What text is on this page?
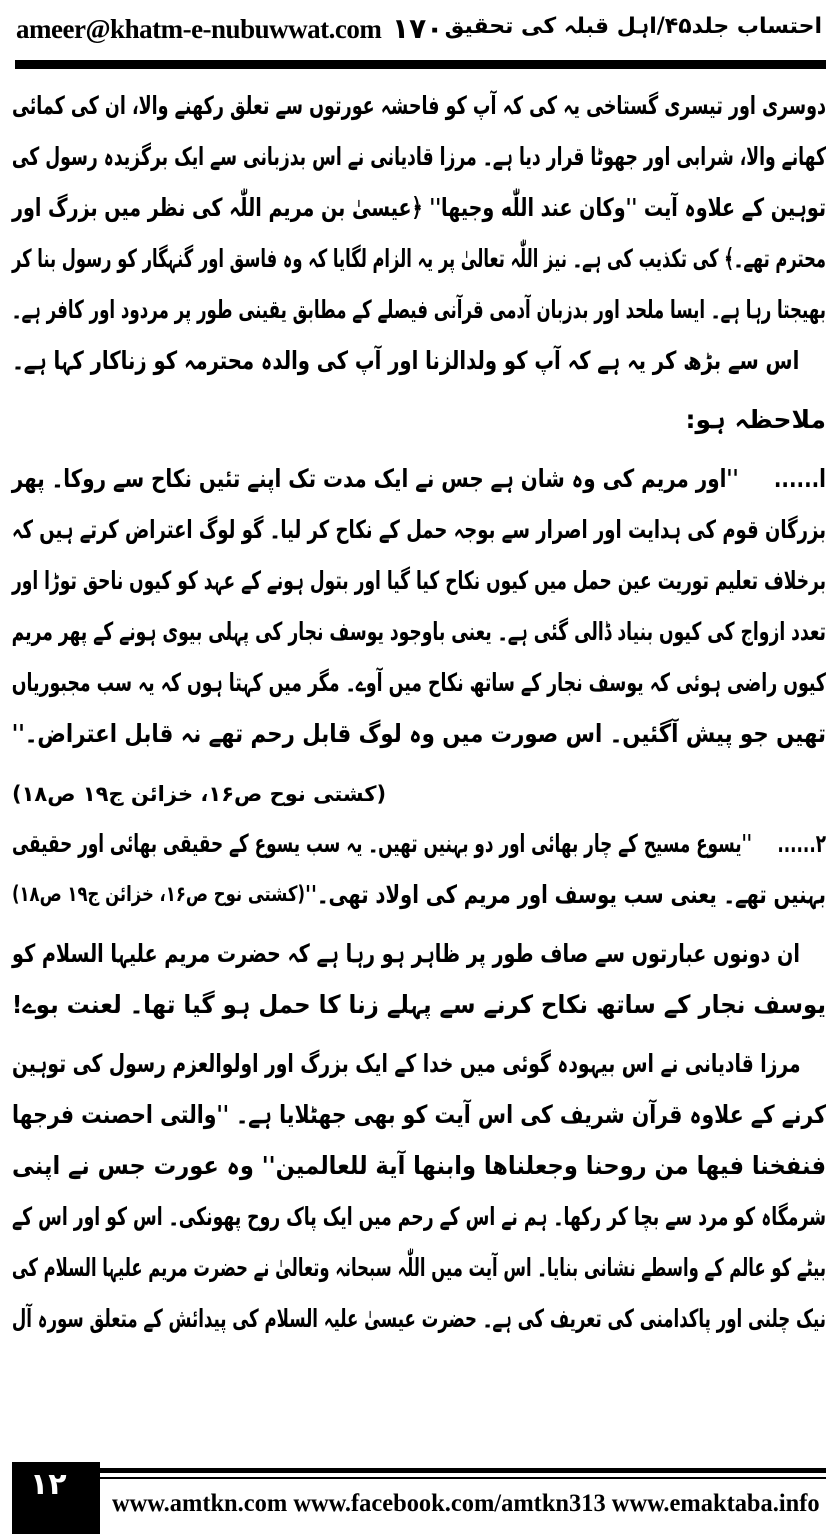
ameer@khatm-e-nubuwwat.com ۱۷۰ احتساب جلد۴۵/اہل قبلہ کی تحقیق
دوسری اور تیسری گستاخی یہ کی کہ آپ کو فاحشہ عورتوں سے تعلق رکھنے والا، ان کی کمائی
کھانے والا، شرابی اور جھوٹا قرار دیا ہے۔ مرزا قادیانی نے اس بدزبانی سے ایک برگزیدہ رسول کی
توہین کے علاوہ آیت ''وکان عند اللّٰه وجیھا'' ﴿عیسیٰ بن مریم اللّٰہ کی نظر میں بزرگ اور
محترم تھے۔﴾ کی تکذیب کی ہے۔ نیز اللّٰہ تعالیٰ پر یہ الزام لگایا کہ وہ فاسق اور گنہگار کو رسول بنا کر
بھیجتا رہا ہے۔ ایسا ملحد اور بدزبان آدمی قرآنی فیصلے کے مطابق یقینی طور پر مردود اور کافر ہے۔
اس سے بڑھ کر یہ ہے کہ آپ کو ولدالزنا اور آپ کی والدہ محترمہ کو زناکار کہا ہے۔
ملاحظہ ہو:
ا......
''اور مریم کی وہ شان ہے جس نے ایک مدت تک اپنے تئیں نکاح سے روکا۔ پھر
بزرگان قوم کی ہدایت اور اصرار سے بوجہ حمل کے نکاح کر لیا۔ گو لوگ اعتراض کرتے ہیں کہ
برخلاف تعلیم توریت عین حمل میں کیوں نکاح کیا گیا اور بتول ہونے کے عہد کو کیوں ناحق توڑا اور
تعدد ازواج کی کیوں بنیاد ڈالی گئی ہے۔ یعنی باوجود یوسف نجار کی پہلی بیوی ہونے کے پھر مریم
کیوں راضی ہوئی کہ یوسف نجار کے ساتھ نکاح میں آوے۔ مگر میں کہتا ہوں کہ یہ سب مجبوریاں
تھیں جو پیش آگئیں۔ اس صورت میں وہ لوگ قابل رحم تھے نہ قابل اعتراض۔''
(کشتی نوح ص۱۶، خزائن ج۱۹ ص۱۸)
۲......
''یسوع مسیح کے چار بھائی اور دو بہنیں تھیں۔ یہ سب یسوع کے حقیقی بھائی اور حقیقی
بہنیں تھے۔ یعنی سب یوسف اور مریم کی اولاد تھی۔''
(کشتی نوح ص۱۶، خزائن ج۱۹ ص۱۸)
ان دونوں عبارتوں سے صاف طور پر ظاہر ہو رہا ہے کہ حضرت مریم علیہا السلام کو
یوسف نجار کے ساتھ نکاح کرنے سے پہلے زنا کا حمل ہو گیا تھا۔ لعنت بوے!
مرزا قادیانی نے اس بیہودہ گوئی میں خدا کے ایک بزرگ اور اولوالعزم رسول کی توہین
کرنے کے علاوہ قرآن شریف کی اس آیت کو بھی جھٹلایا ہے۔ ''والتی احصنت فرجھا
فنفخنا فیھا من روحنا وجعلناھا وابنھا آیة للعالمین'' وہ عورت جس نے اپنی
شرمگاہ کو مرد سے بچا کر رکھا۔ ہم نے اس کے رحم میں ایک پاک روح پھونکی۔ اس کو اور اس کے
بیٹے کو عالم کے واسطے نشانی بنایا۔ اس آیت میں اللّٰہ سبحانہ وتعالیٰ نے حضرت مریم علیہا السلام کی
نیک چلنی اور پاکدامنی کی تعریف کی ہے۔ حضرت عیسیٰ علیہ السلام کی پیدائش کے متعلق سورہ آل
۱۲
www.amtkn.com www.facebook.com/amtkn313 www.emaktaba.info
